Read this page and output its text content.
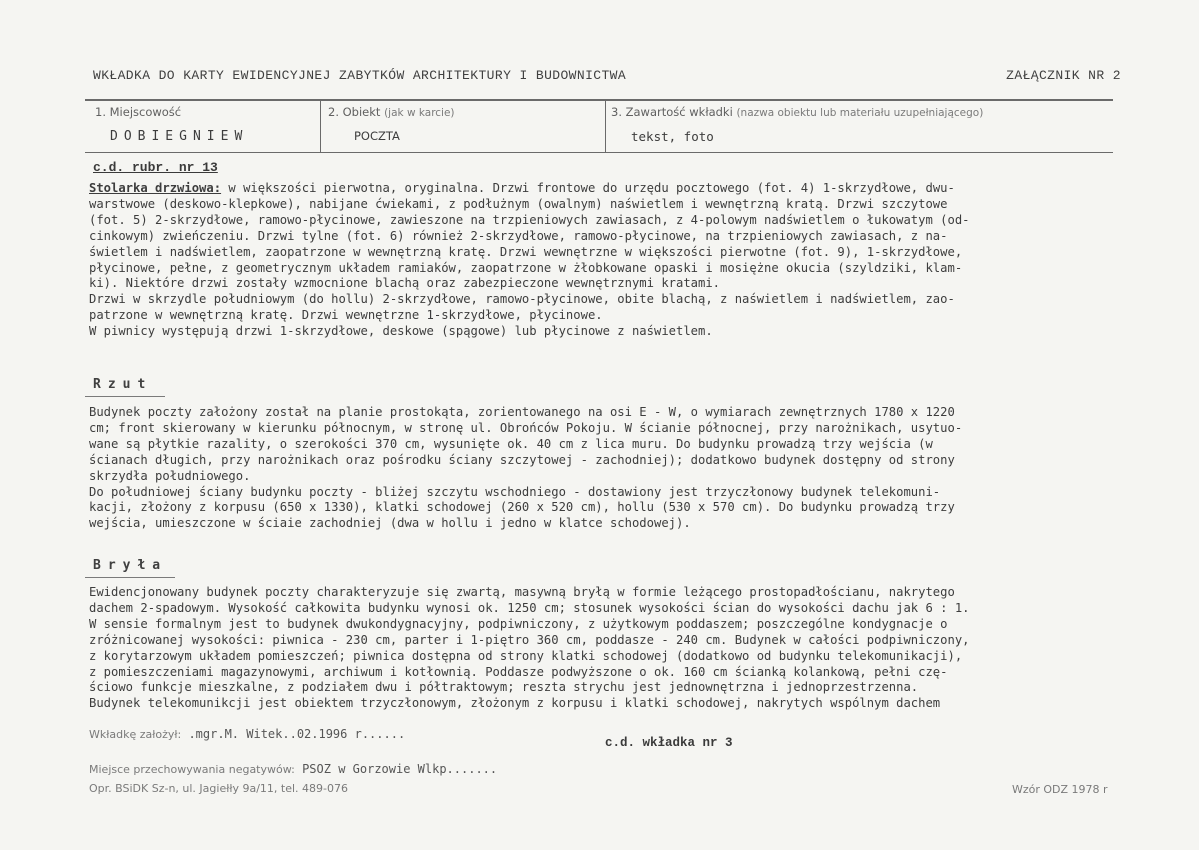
WKŁADKA DO KARTY EWIDENCYJNEJ ZABYTKÓW ARCHITEKTURY I BUDOWNICTWA	ZAŁĄCZNIK NR 2
1. Miejscowość
DOBIEGNIEW
2. Obiekt (jak w karcie)
POCZTA
3. Zawartość wkładki (nazwa obiektu lub materiału uzupełniającego)
tekst, foto
c.d. rubr. nr 13
Stolarka drzwiowa: w większości pierwotna, oryginalna. Drzwi frontowe do urzędu pocztowego (fot. 4) 1-skrzydłowe, dwu-
warstwowe (deskowo-klepkowe), nabijane ćwiekami, z podłużnym (owalnym) naświetlem i wewnętrzną kratą. Drzwi szczytowe
(fot. 5) 2-skrzydłowe, ramowo-płycinowe, zawieszone na trzpieniowych zawiasach, z 4-polowym nadświetlem o łukowatym (od-
cinkowym) zwieńczeniu. Drzwi tylne (fot. 6) również 2-skrzydłowe, ramowo-płycinowe, na trzpieniowych zawiasach, z na-
świetlem i nadświetlem, zaopatrzone w wewnętrzną kratę. Drzwi wewnętrzne w większości pierwotne (fot. 9), 1-skrzydłowe,
płycinowe, pełne, z geometrycznym układem ramiaków, zaopatrzone w żłobkowane opaski i mosiężne okucia (szyldziki, klam-
ki). Niektóre drzwi zostały wzmocnione blachą oraz zabezpieczone wewnętrznymi kratami.
Drzwi w skrzydle południowym (do hollu) 2-skrzydłowe, ramowo-płycinowe, obite blachą, z naświetlem i nadświetlem, zao-
patrzone w wewnętrzną kratę. Drzwi wewnętrzne 1-skrzydłowe, płycinowe.
W piwnicy występują drzwi 1-skrzydłowe, deskowe (spągowe) lub płycinowe z naświetlem.
Rzut
Budynek poczty założony został na planie prostokąta, zorientowanego na osi E - W, o wymiarach zewnętrznych 1780 x 1220
cm; front skierowany w kierunku północnym, w stronę ul. Obrońców Pokoju. W ścianie północnej, przy narożnikach, usytuo-
wane są płytkie razality, o szerokości 370 cm, wysunięte ok. 40 cm z lica muru. Do budynku prowadzą trzy wejścia (w
ścianach długich, przy narożnikach oraz pośrodku ściany szczytowej - zachodniej); dodatkowo budynek dostępny od strony
skrzydła południowego.
Do południowej ściany budynku poczty - bliżej szczytu wschodniego - dostawiony jest trzyczłonowy budynek telekomuni-
kacji, złożony z korpusu (650 x 1330), klatki schodowej (260 x 520 cm), hollu (530 x 570 cm). Do budynku prowadzą trzy
wejścia, umieszczone w ściaie zachodniej (dwa w hollu i jedno w klatce schodowej).
Bryła
Ewidencjonowany budynek poczty charakteryzuje się zwartą, masywną bryłą w formie leżącego prostopadłościanu, nakrytego
dachem 2-spadowym. Wysokość całkowita budynku wynosi ok. 1250 cm; stosunek wysokości ścian do wysokości dachu jak 6 : 1.
W sensie formalnym jest to budynek dwukondygnacyjny, podpiwniczony, z użytkowym poddaszem; poszczególne kondygnacje o
zróżnicowanej wysokości: piwnica - 230 cm, parter i 1-piętro 360 cm, poddasze - 240 cm. Budynek w całości podpiwniczony,
z korytarzowym układem pomieszczeń; piwnica dostępna od strony klatki schodowej (dodatkowo od budynku telekomunikacji),
z pomieszczeniami magazynowymi, archiwum i kotłownią. Poddasze podwyższone o ok. 160 cm ścianką kolankową, pełni czę-
ściowo funkcje mieszkalne, z podziałem dwu i półtraktowym; reszta strychu jest jednownętrzna i jednoprzestrzenna.
Budynek telekomunikcji jest obiektem trzyczłonowym, złożonym z korpusu i klatki schodowej, nakrytych wspólnym dachem
Wkładkę założył: .mgr.M. Witek..02.1996 r......
c.d. wkładka nr 3
Miejsce przechowywania negatywów: PSOZ w Gorzowie Wlkp.......
Opr. BSiDK Sz-n, ul. Jagiełły 9a/11, tel. 489-076	Wzór ODZ 1978 r
